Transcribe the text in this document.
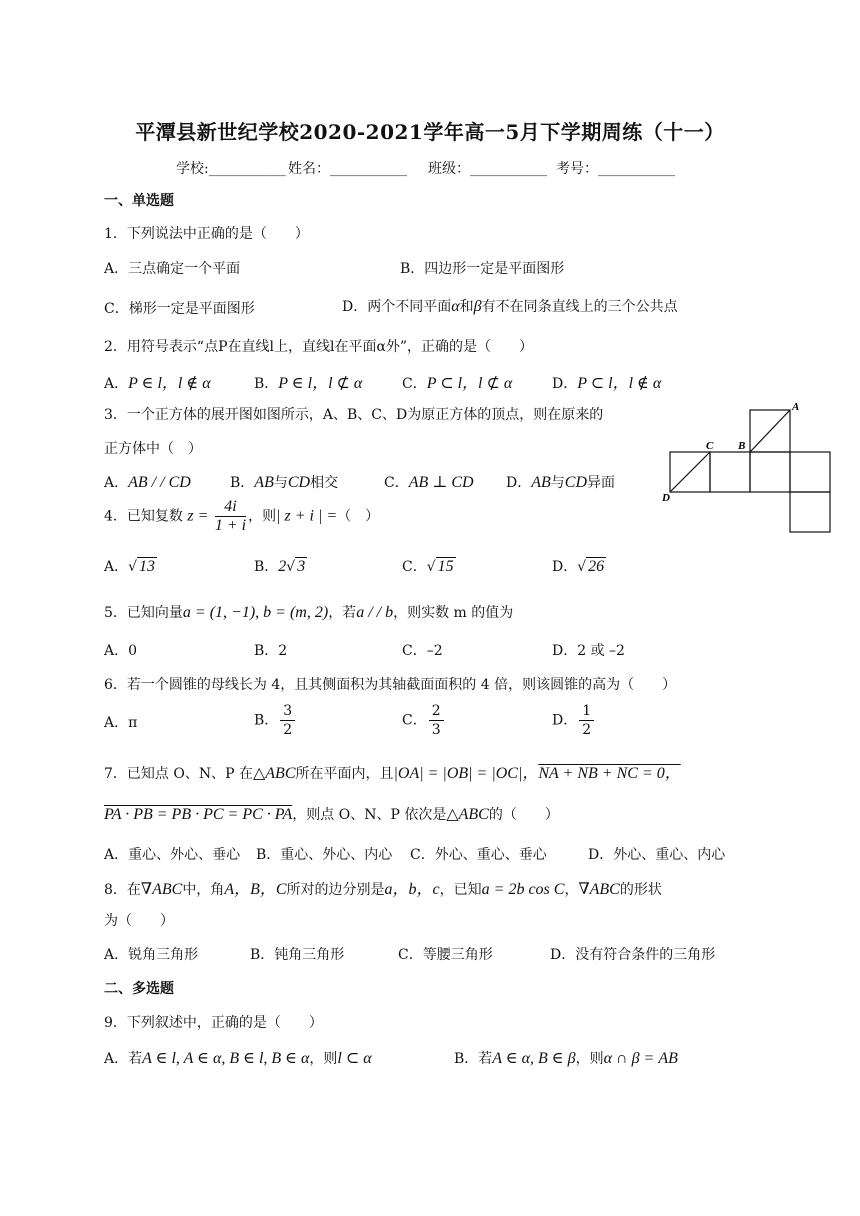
平潭县新世纪学校2020-2021学年高一5月下学期周练（十一）
学校:___________ 姓名：___________ 班级：___________ 考号：___________
一、单选题
1．下列说法中正确的是（　　）
A．三点确定一个平面	B．四边形一定是平面图形
C．梯形一定是平面图形	D．两个不同平面α和β有不在同条直线上的三个公共点
2．用符号表示“点P在直线l上，直线l在平面α外”，正确的是（　　）
A．P ∈ l，l ∉ α	B．P ∈ l，l ⊄ α	C．P ⊂ l，l ⊄ α	D．P ⊂ l，l ∉ α
3．一个正方体的展开图如图所示，A、B、C、D为原正方体的顶点，则在原来的
正方体中（　）
A．AB / / CD	B．AB与CD相交	C．AB ⊥ CD D．AB与CD异面
A
B
C
D
4．已知复数 $z = \frac{4i}{1 + i}$ ，则| z + i | =（　）
A．√ 13	B．2√ 3	C．√ 15	D．√ 26
5．已知向量a = (1, −1), b = (m, 2)，若a / / b，则实数 m 的值为
A．0	B．2	C．–2	D．2 或 –2
6．若一个圆锥的母线长为 4，且其侧面积为其轴截面面积的 4 倍，则该圆锥的高为（　　）
A．π	B． $\frac{3}{2}$	C． $\frac{2}{3}$	D． $\frac{1}{2}$
7．已知点 O、N、P 在△ABC所在平面内，且|OA| = |OB| = |OC|，NA + NB + NC = 0，
PA · PB = PB · PC = PC · PA，则点 O、N、P 依次是△ABC的（　　）
A．重心、外心、垂心 B．重心、外心、内心 C．外心、重心、垂心	D．外心、重心、内心
8．在∇ABC中，角A，B，C所对的边分别是a，b，c，已知a = 2b cos C，∇ABC的形状
为（　　）
A．锐角三角形	B．钝角三角形	C．等腰三角形	D．没有符合条件的三角形
二、多选题
9．下列叙述中，正确的是（　　）
A．若A ∈ l, A ∈ α, B ∈ l, B ∈ α，则l ⊂ α	B．若A ∈ α, B ∈ β，则α ∩ β = AB
